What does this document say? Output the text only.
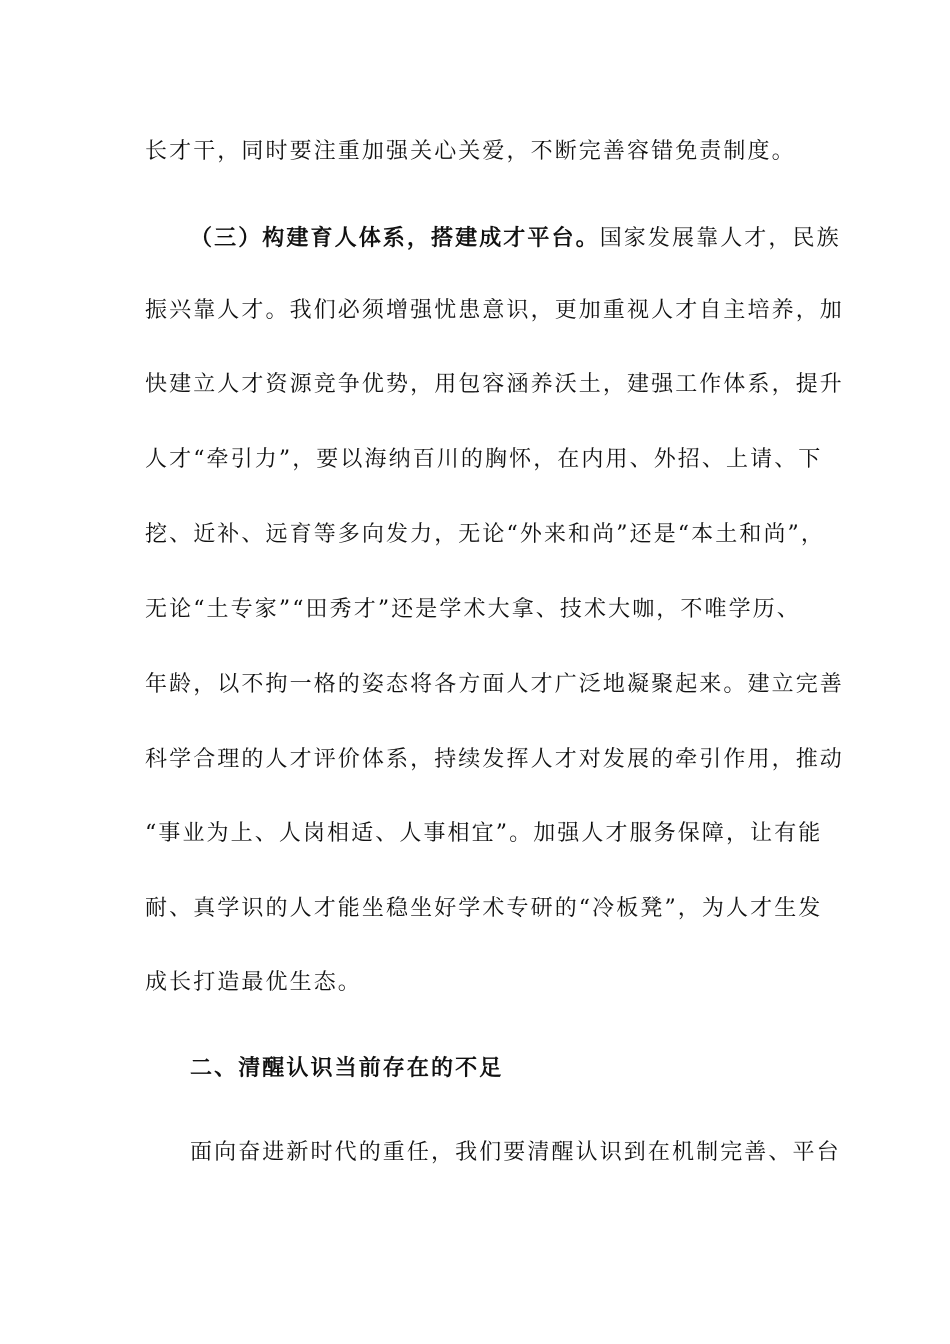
长才干，同时要注重加强关心关爱，不断完善容错免责制度。
（三）构建育人体系，搭建成才平台。国家发展靠人才，民族
振兴靠人才。我们必须增强忧患意识，更加重视人才自主培养，加
快建立人才资源竞争优势，用包容涵养沃土，建强工作体系，提升
人才“牵引力”，要以海纳百川的胸怀，在内用、外招、上请、下
挖、近补、远育等多向发力，无论“外来和尚”还是“本土和尚”，
无论“土专家”“田秀才”还是学术大拿、技术大咖，不唯学历、
年龄，以不拘一格的姿态将各方面人才广泛地凝聚起来。建立完善
科学合理的人才评价体系，持续发挥人才对发展的牵引作用，推动
“事业为上、人岗相适、人事相宜”。加强人才服务保障，让有能
耐、真学识的人才能坐稳坐好学术专研的“冷板凳”，为人才生发
成长打造最优生态。
二、清醒认识当前存在的不足
面向奋进新时代的重任，我们要清醒认识到在机制完善、平台
